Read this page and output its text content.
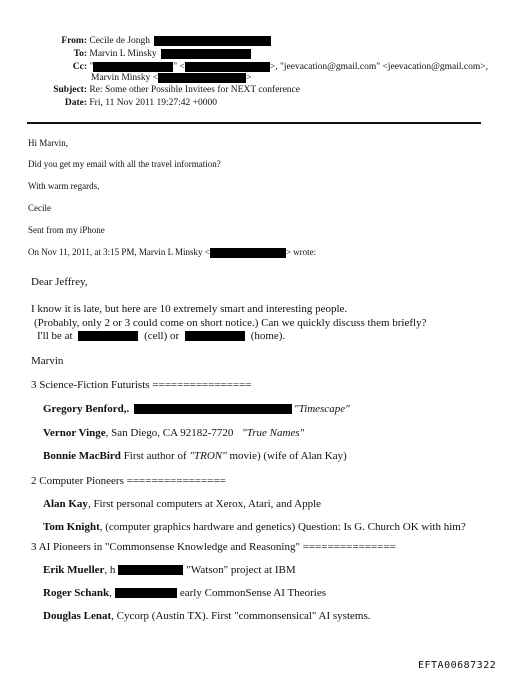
From: Cecile de Jongh
To: Marvin L Minsky
Cc: "	" <	>, "jeevacation@gmail.com" <jeevacation@gmail.com>,
Marvin Minsky <	>
Subject: Re: Some other Possible Invitees for NEXT conference
Date: Fri, 11 Nov 2011 19:27:42 +0000
Hi Marvin,
Did you get my email with all the travel information?
With warm regards,
Cecile
Sent from my iPhone
On Nov 11, 2011, at 3:15 PM, Marvin L Minsky <	> wrote:
Dear Jeffrey,
I know it is late, but here are 10 extremely smart and interesting people.
(Probably, only 2 or 3 could come on short notice.) Can we quickly discuss them briefly?
I'll be at	(cell) or	(home).
Marvin
3 Science-Fiction Futurists ================
Gregory Benford,.	"Timescape"
Vernor Vinge, San Diego, CA 92182-7720 "True Names"
Bonnie MacBird First author of "TRON" movie) (wife of Alan Kay)
2 Computer Pioneers ================
Alan Kay, First personal computers at Xerox, Atari, and Apple
Tom Knight, (computer graphics hardware and genetics) Question: Is G. Church OK with him?
3 AI Pioneers in "Commonsense Knowledge and Reasoning" ===============
Erik Mueller, h	"Watson" project at IBM
Roger Schank,	early CommonSense AI Theories
Douglas Lenat, Cycorp (Austin TX). First "commonsensical" AI systems.
EFTA00687322
